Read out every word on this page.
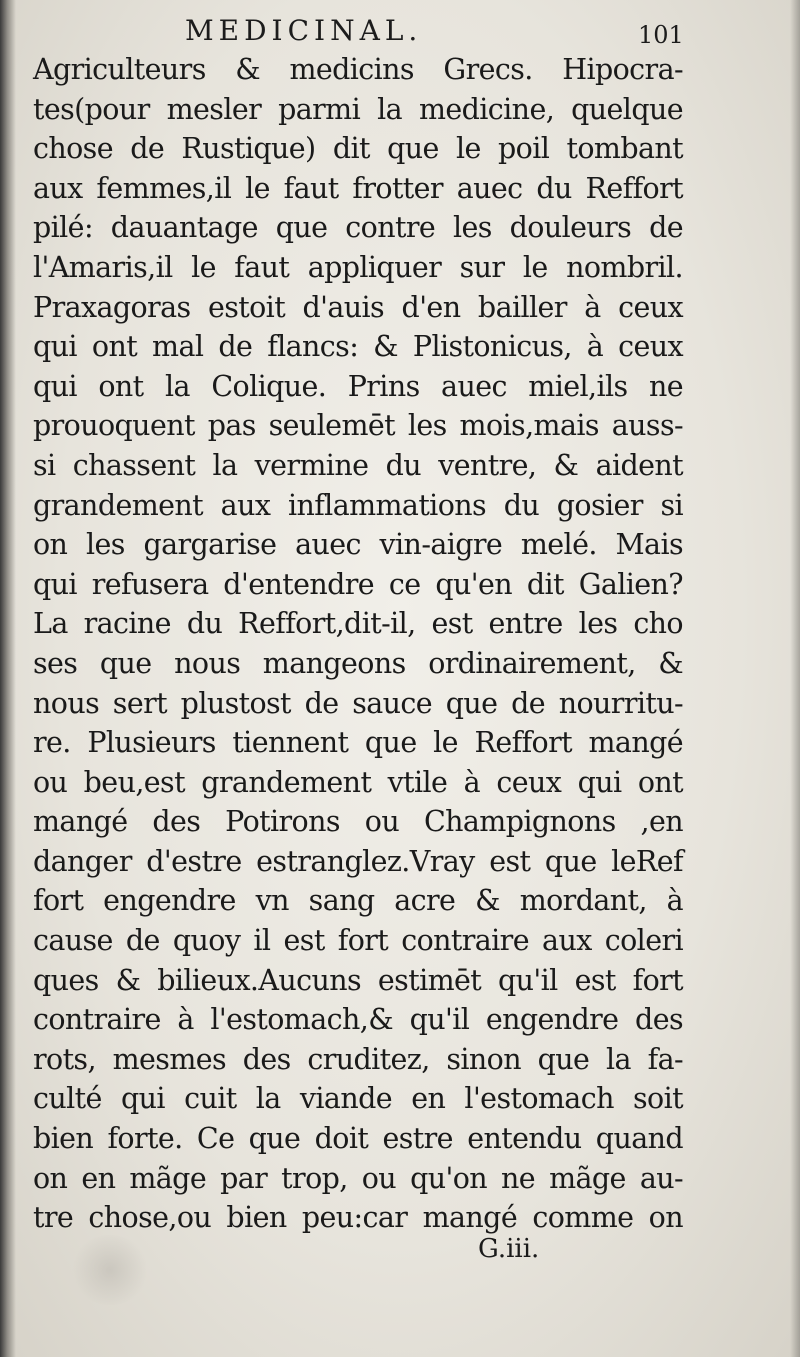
MEDICINAL.	101
Agriculteurs & medicins Grecs. Hipocra-
tes(pour mesler parmi la medicine, quelque
chose de Rustique) dit que le poil tombant
aux femmes,il le faut frotter auec du Reffort
pilé: dauantage que contre les douleurs de
l'Amaris,il le faut appliquer sur le nombril.
Praxagoras estoit d'auis d'en bailler à ceux
qui ont mal de flancs: & Plistonicus, à ceux
qui ont la Colique. Prins auec miel,ils ne
prouoquent pas seulemēt les mois,mais auss-
si chassent la vermine du ventre, & aident
grandement aux inflammations du gosier si
on les gargarise auec vin-aigre melé. Mais
qui refusera d'entendre ce qu'en dit Galien?
La racine du Reffort,dit-il, est entre les cho
ses que nous mangeons ordinairement, &
nous sert plustost de sauce que de nourritu-
re. Plusieurs tiennent que le Reffort mangé
ou beu,est grandement vtile à ceux qui ont
mangé des Potirons ou Champignons ,en
danger d'estre estranglez.Vray est que leRef
fort engendre vn sang acre & mordant, à
cause de quoy il est fort contraire aux coleri
ques & bilieux.Aucuns estimēt qu'il est fort
contraire à l'estomach,& qu'il engendre des
rots, mesmes des cruditez, sinon que la fa-
culté qui cuit la viande en l'estomach soit
bien forte. Ce que doit estre entendu quand
on en mãge par trop, ou qu'on ne mãge au-
tre chose,ou bien peu:car mangé comme on
G.iii.
